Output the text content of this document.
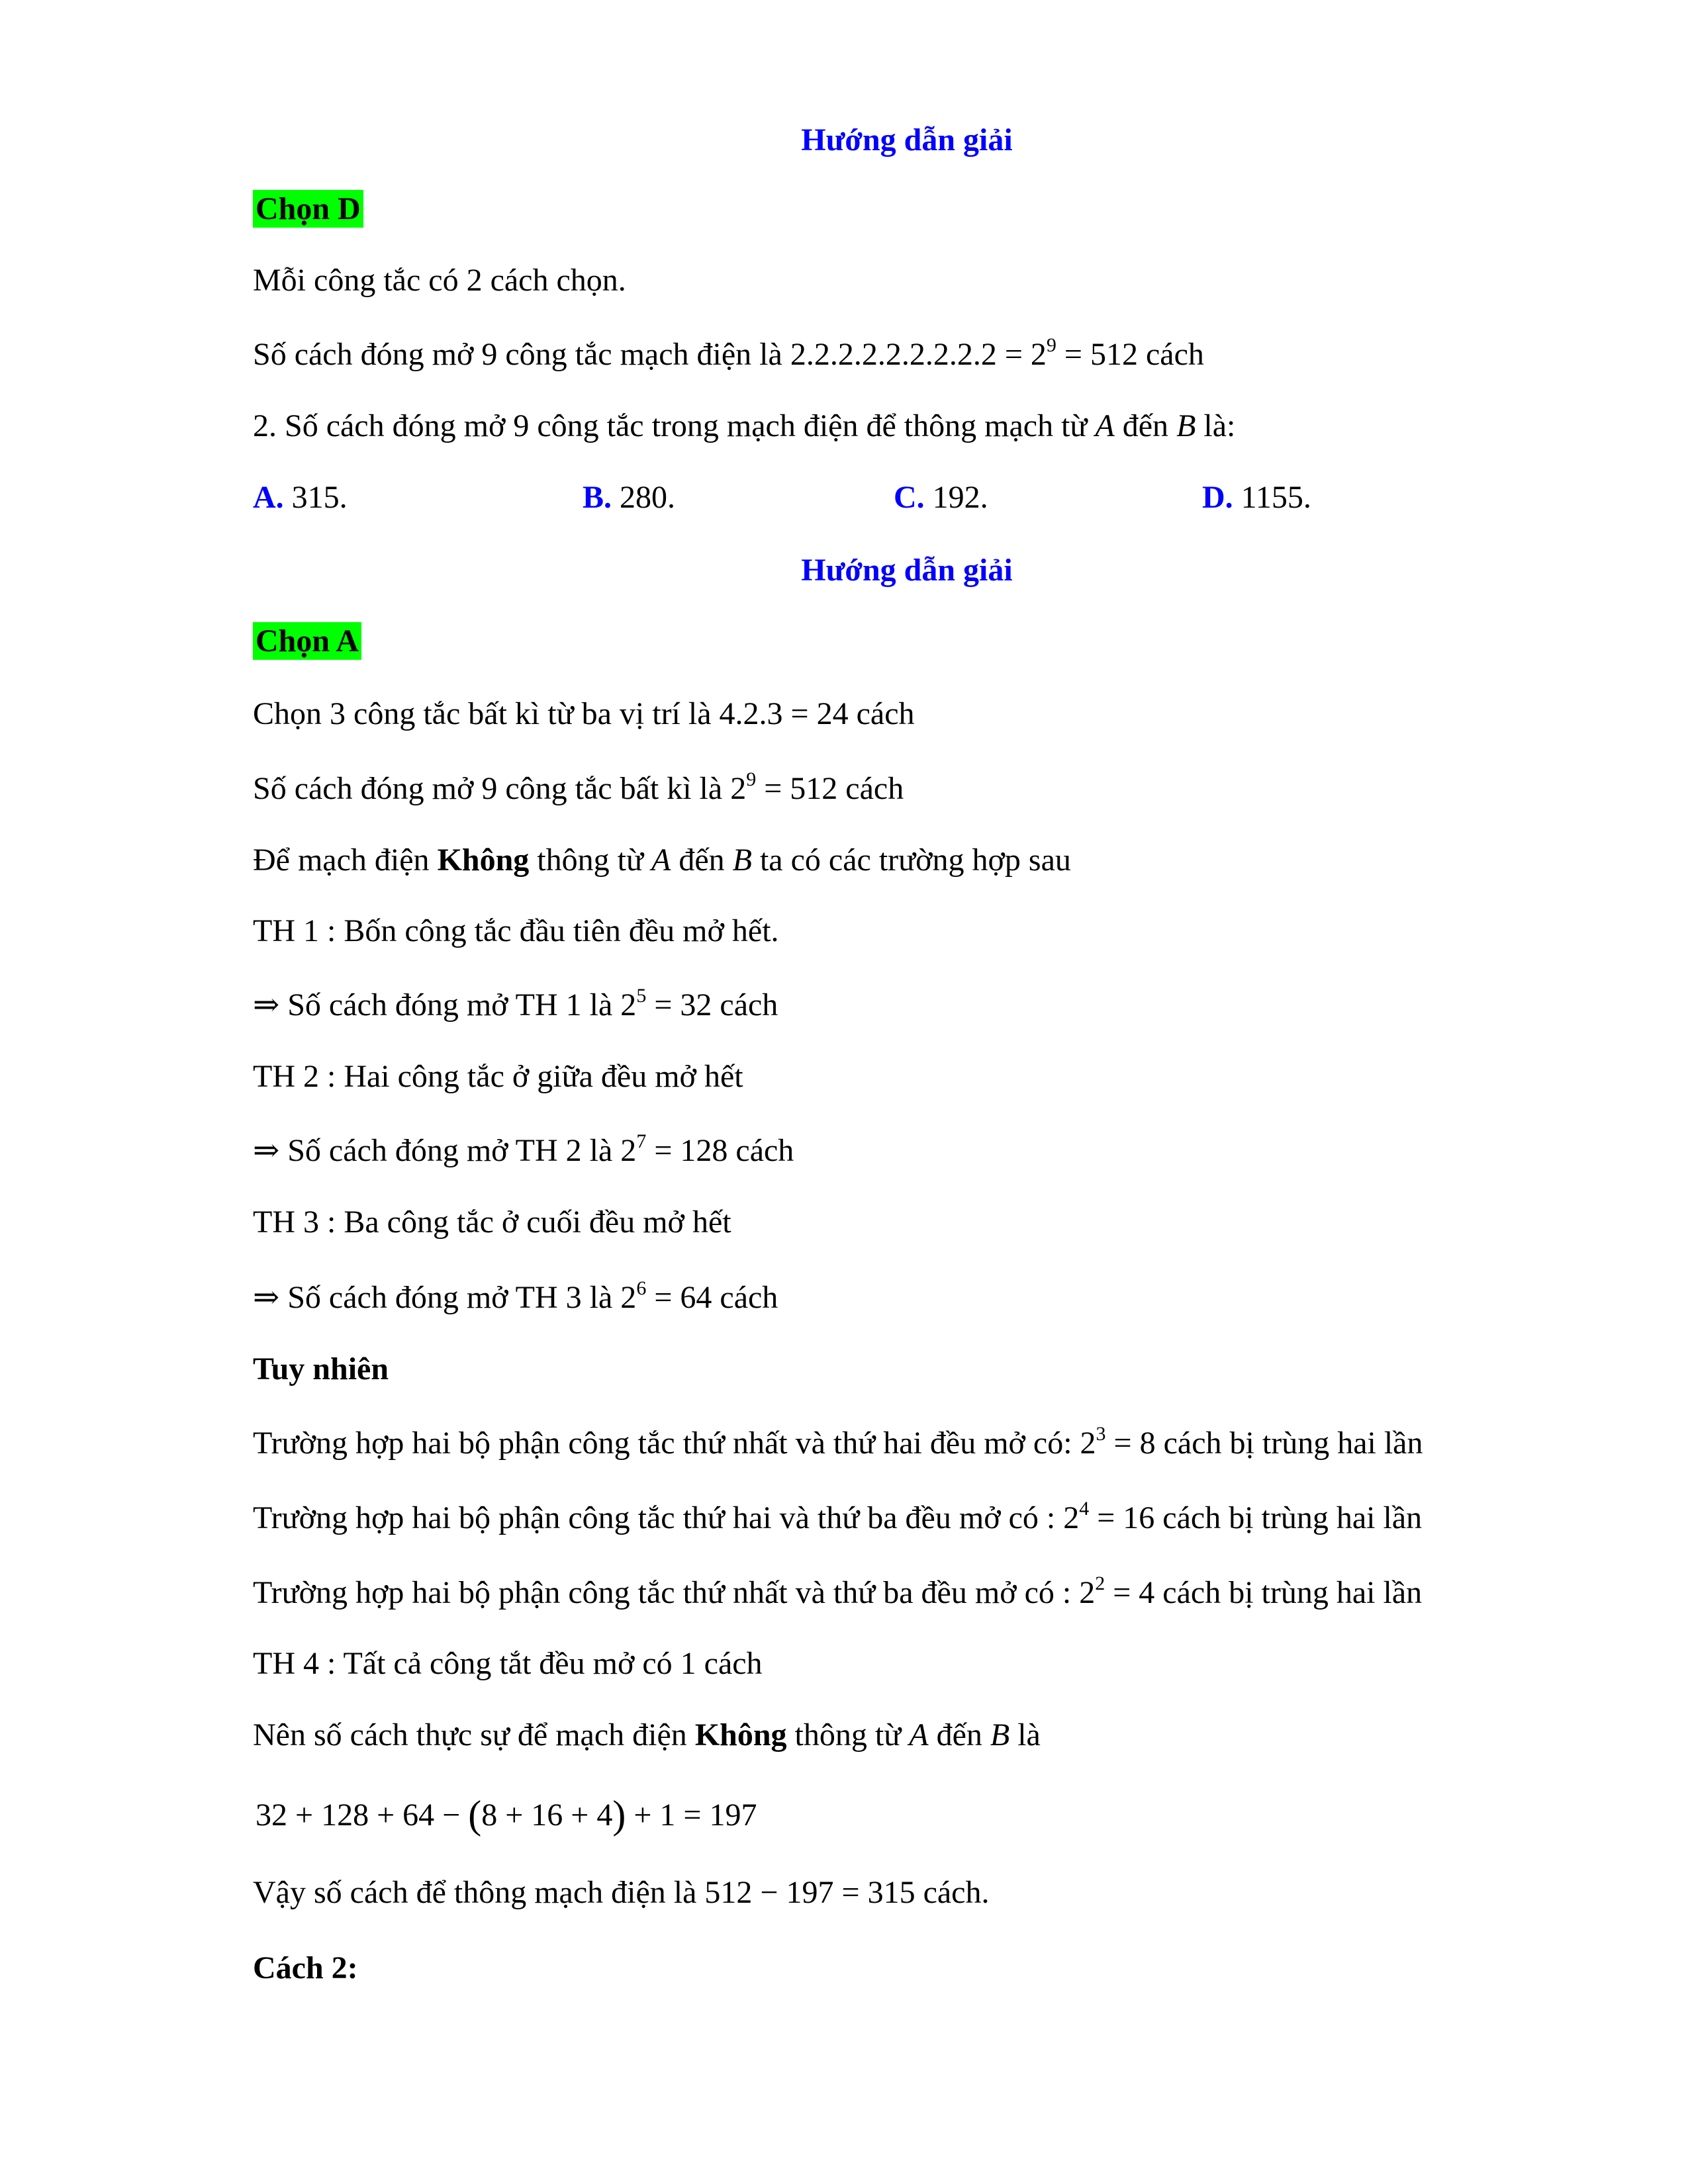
Hướng dẫn giải
Chọn D
Mỗi công tắc có 2 cách chọn.
Số cách đóng mở 9 công tắc mạch điện là $2.2.2.2.2.2.2.2.2 = 2^9 = 512$ cách
2. Số cách đóng mở 9 công tắc trong mạch điện để thông mạch từ A đến B là:
A. 315.	B. 280.	C. 192.	D. 1155.
Hướng dẫn giải
Chọn A
Chọn 3 công tắc bất kì từ ba vị trí là 4.2.3 = 24 cách
Số cách đóng mở 9 công tắc bất kì là $2^9 = 512$ cách
Để mạch điện Không thông từ A đến B ta có các trường hợp sau
TH 1 : Bốn công tắc đầu tiên đều mở hết.
⇒ Số cách đóng mở TH 1 là $2^5 = 32$ cách
TH 2 : Hai công tắc ở giữa đều mở hết
⇒ Số cách đóng mở TH 2 là $2^7 = 128$ cách
TH 3 : Ba công tắc ở cuối đều mở hết
⇒ Số cách đóng mở TH 3 là $2^6 = 64$ cách
Tuy nhiên
Trường hợp hai bộ phận công tắc thứ nhất và thứ hai đều mở có: $2^3 = 8$ cách bị trùng hai lần
Trường hợp hai bộ phận công tắc thứ hai và thứ ba đều mở có : $2^4 = 16$ cách bị trùng hai lần
Trường hợp hai bộ phận công tắc thứ nhất và thứ ba đều mở có : $2^2 = 4$ cách bị trùng hai lần
TH 4 : Tất cả công tắt đều mở có 1 cách
Nên số cách thực sự để mạch điện Không thông từ A đến B là
32 + 128 + 64 − (8 + 16 + 4) + 1 = 197
Vậy số cách để thông mạch điện là 512 − 197 = 315 cách.
Cách 2:
